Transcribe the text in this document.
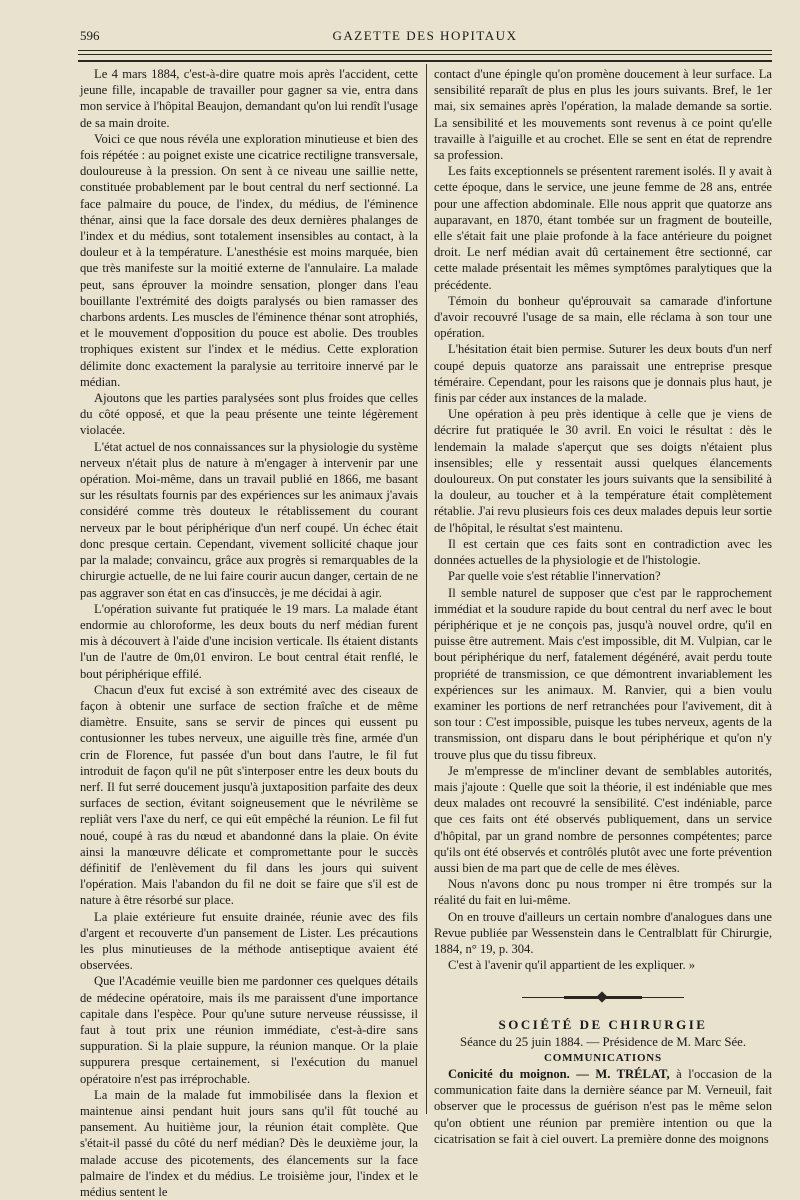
596	GAZETTE DES HOPITAUX

Le 4 mars 1884, c'est-à-dire quatre mois après l'accident, cette jeune fille, incapable de travailler pour gagner sa vie, entra dans mon service à l'hôpital Beaujon, demandant qu'on lui rendît l'usage de sa main droite.

Voici ce que nous révéla une exploration minutieuse et bien des fois répétée : au poignet existe une cicatrice rectiligne transversale, douloureuse à la pression. On sent à ce niveau une saillie nette, constituée probablement par le bout central du nerf sectionné. La face palmaire du pouce, de l'index, du médius, de l'éminence thénar, ainsi que la face dorsale des deux dernières phalanges de l'index et du médius, sont totalement insensibles au contact, à la douleur et à la température. L'anesthésie est moins marquée, bien que très manifeste sur la moitié externe de l'annulaire. La malade peut, sans éprouver la moindre sensation, plonger dans l'eau bouillante l'extrémité des doigts paralysés ou bien ramasser des charbons ardents. Les muscles de l'éminence thénar sont atrophiés, et le mouvement d'opposition du pouce est abolie. Des troubles trophiques existent sur l'index et le médius. Cette exploration délimite donc exactement la paralysie au territoire innervé par le médian.

Ajoutons que les parties paralysées sont plus froides que celles du côté opposé, et que la peau présente une teinte légèrement violacée.

L'état actuel de nos connaissances sur la physiologie du système nerveux n'était plus de nature à m'engager à intervenir par une opération. Moi-même, dans un travail publié en 1866, me basant sur les résultats fournis par des expériences sur les animaux j'avais considéré comme très douteux le rétablissement du courant nerveux par le bout périphérique d'un nerf coupé. Un échec était donc presque certain. Cependant, vivement sollicité chaque jour par la malade; convaincu, grâce aux progrès si remarquables de la chirurgie actuelle, de ne lui faire courir aucun danger, certain de ne pas aggraver son état en cas d'insuccès, je me décidai à agir.

L'opération suivante fut pratiquée le 19 mars. La malade étant endormie au chloroforme, les deux bouts du nerf médian furent mis à découvert à l'aide d'une incision verticale. Ils étaient distants l'un de l'autre de 0m,01 environ. Le bout central était renflé, le bout périphérique effilé.

Chacun d'eux fut excisé à son extrémité avec des ciseaux de façon à obtenir une surface de section fraîche et de même diamètre. Ensuite, sans se servir de pinces qui eussent pu contusionner les tubes nerveux, une aiguille très fine, armée d'un crin de Florence, fut passée d'un bout dans l'autre, le fil fut introduit de façon qu'il ne pût s'interposer entre les deux bouts du nerf. Il fut serré doucement jusqu'à juxtaposition parfaite des deux surfaces de section, évitant soigneusement que le névrilème se repliât vers l'axe du nerf, ce qui eût empêché la réunion. Le fil fut noué, coupé à ras du nœud et abandonné dans la plaie. On évite ainsi la manœuvre délicate et compromettante pour le succès définitif de l'enlèvement du fil dans les jours qui suivent l'opération. Mais l'abandon du fil ne doit se faire que s'il est de nature à être résorbé sur place.

La plaie extérieure fut ensuite drainée, réunie avec des fils d'argent et recouverte d'un pansement de Lister. Les précautions les plus minutieuses de la méthode antiseptique avaient été observées.

Que l'Académie veuille bien me pardonner ces quelques détails de médecine opératoire, mais ils me paraissent d'une importance capitale dans l'espèce. Pour qu'une suture nerveuse réussisse, il faut à tout prix une réunion immédiate, c'est-à-dire sans suppuration. Si la plaie suppure, la réunion manque. Or la plaie suppurera presque certainement, si l'exécution du manuel opératoire n'est pas irréprochable.

La main de la malade fut immobilisée dans la flexion et maintenue ainsi pendant huit jours sans qu'il fût touché au pansement. Au huitième jour, la réunion était complète. Que s'était-il passé du côté du nerf médian? Dès le deuxième jour, la malade accuse des picotements, des élancements sur la face palmaire de l'index et du médius. Le troisième jour, l'index et le médius sentent le

contact d'une épingle qu'on promène doucement à leur surface. La sensibilité reparaît de plus en plus les jours suivants. Bref, le 1er mai, six semaines après l'opération, la malade demande sa sortie. La sensibilité et les mouvements sont revenus à ce point qu'elle travaille à l'aiguille et au crochet. Elle se sent en état de reprendre sa profession.

Les faits exceptionnels se présentent rarement isolés. Il y avait à cette époque, dans le service, une jeune femme de 28 ans, entrée pour une affection abdominale. Elle nous apprit que quatorze ans auparavant, en 1870, étant tombée sur un fragment de bouteille, elle s'était fait une plaie profonde à la face antérieure du poignet droit. Le nerf médian avait dû certainement être sectionné, car cette malade présentait les mêmes symptômes paralytiques que la précédente.

Témoin du bonheur qu'éprouvait sa camarade d'infortune d'avoir recouvré l'usage de sa main, elle réclama à son tour une opération.

L'hésitation était bien permise. Suturer les deux bouts d'un nerf coupé depuis quatorze ans paraissait une entreprise presque téméraire. Cependant, pour les raisons que je donnais plus haut, je finis par céder aux instances de la malade.

Une opération à peu près identique à celle que je viens de décrire fut pratiquée le 30 avril. En voici le résultat : dès le lendemain la malade s'aperçut que ses doigts n'étaient plus insensibles; elle y ressentait aussi quelques élancements douloureux. On put constater les jours suivants que la sensibilité à la douleur, au toucher et à la température était complètement rétablie. J'ai revu plusieurs fois ces deux malades depuis leur sortie de l'hôpital, le résultat s'est maintenu.

Il est certain que ces faits sont en contradiction avec les données actuelles de la physiologie et de l'histologie.

Par quelle voie s'est rétablie l'innervation?

Il semble naturel de supposer que c'est par le rapprochement immédiat et la soudure rapide du bout central du nerf avec le bout périphérique et je ne conçois pas, jusqu'à nouvel ordre, qu'il en puisse être autrement. Mais c'est impossible, dit M. Vulpian, car le bout périphérique du nerf, fatalement dégénéré, avait perdu toute propriété de transmission, ce que démontrent invariablement les expériences sur les animaux. M. Ranvier, qui a bien voulu examiner les portions de nerf retranchées pour l'avivement, dit à son tour : C'est impossible, puisque les tubes nerveux, agents de la transmission, ont disparu dans le bout périphérique et qu'on n'y trouve plus que du tissu fibreux.

Je m'empresse de m'incliner devant de semblables autorités, mais j'ajoute : Quelle que soit la théorie, il est indéniable que mes deux malades ont recouvré la sensibilité. C'est indéniable, parce que ces faits ont été observés publiquement, dans un service d'hôpital, par un grand nombre de personnes compétentes; parce qu'ils ont été observés et contrôlés plutôt avec une forte prévention aussi bien de ma part que de celle de mes élèves.

Nous n'avons donc pu nous tromper ni être trompés sur la réalité du fait en lui-même.

On en trouve d'ailleurs un certain nombre d'analogues dans une Revue publiée par Wessenstein dans le Centralblatt für Chirurgie, 1884, n° 19, p. 304.

C'est à l'avenir qu'il appartient de les expliquer. »

SOCIÉTÉ DE CHIRURGIE

Séance du 25 juin 1884. — Présidence de M. Marc Sée.

COMMUNICATIONS

Conicité du moignon. — M. TRÉLAT, à l'occasion de la communication faite dans la dernière séance par M. Verneuil, fait observer que le processus de guérison n'est pas le même selon qu'on obtient une réunion par première intention ou que la cicatrisation se fait à ciel ouvert. La première donne des moignons
